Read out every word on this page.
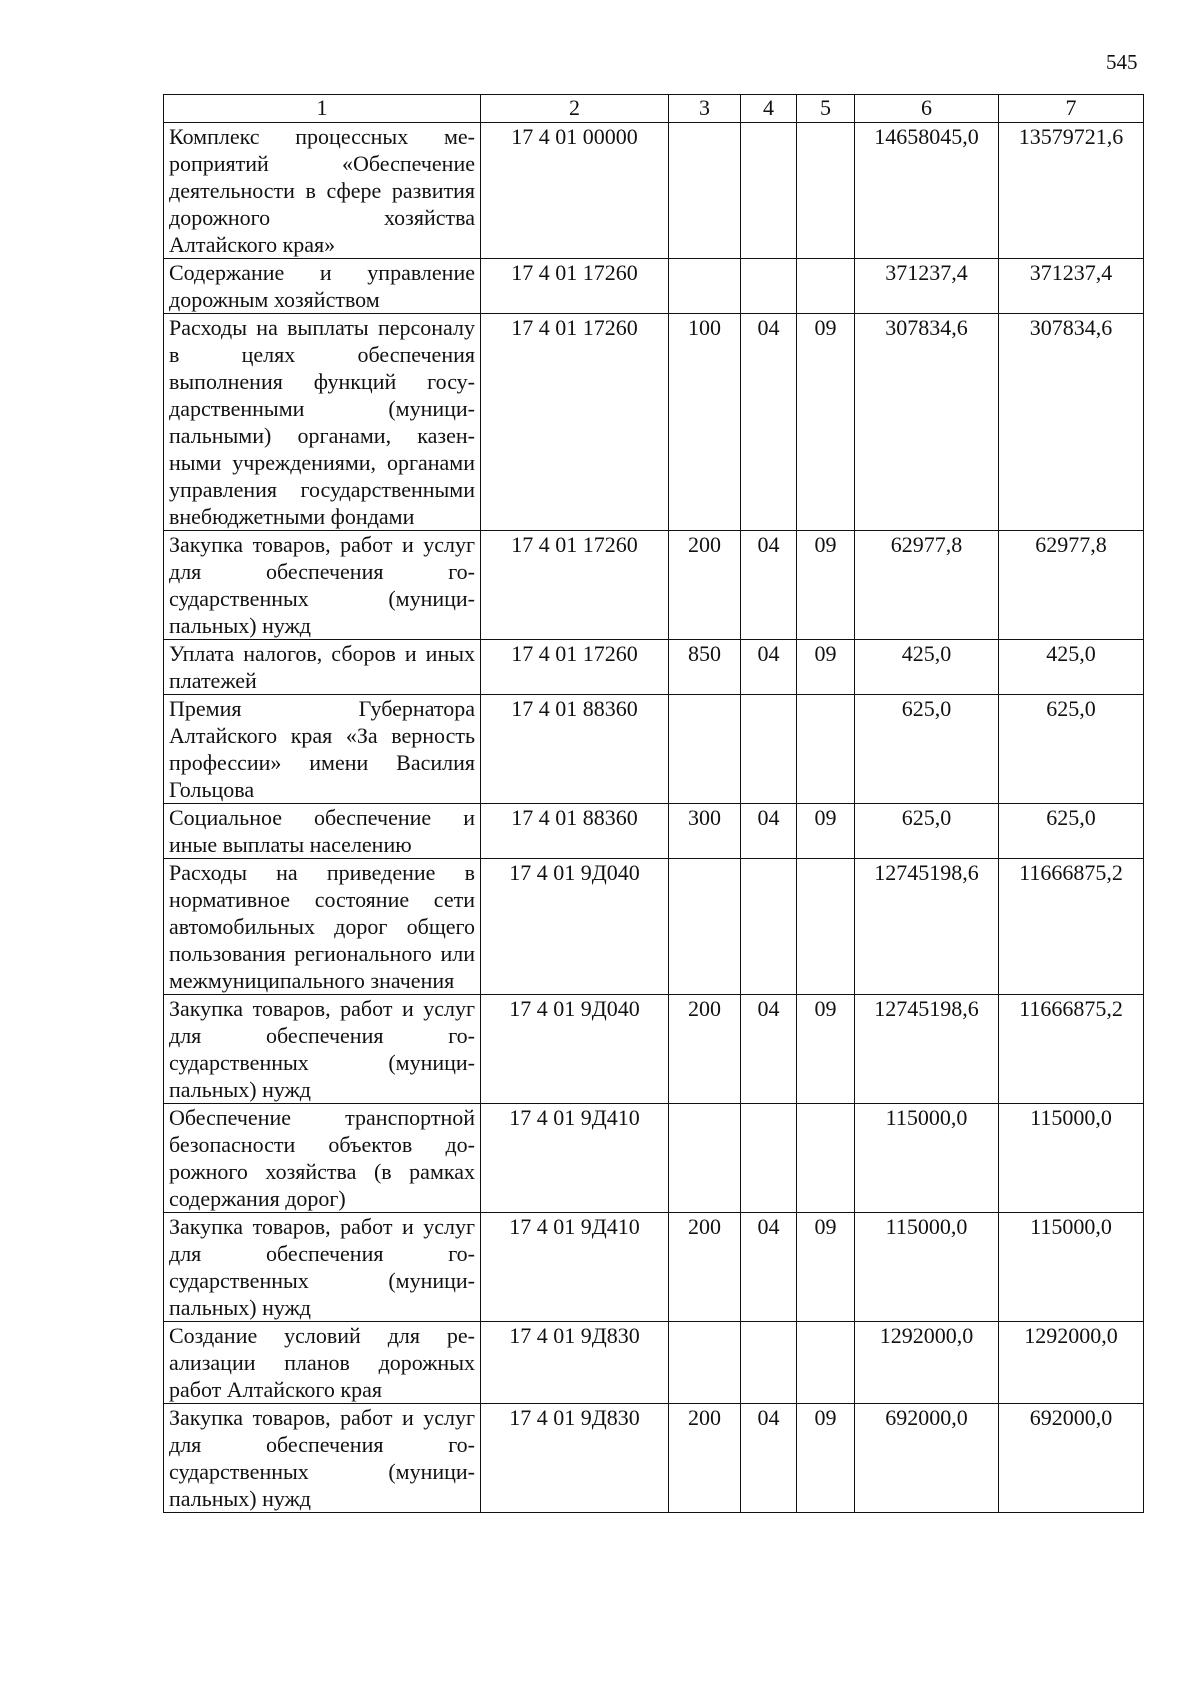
545
1	2	3	4	5	6	7
Комплекс процессных мероприятий «Обеспечение деятельности в сфере развития дорожного хозяйства Алтайского края»	17 4 01 00000				14658045,0	13579721,6
Содержание и управление дорожным хозяйством	17 4 01 17260				371237,4	371237,4
Расходы на выплаты персоналу в целях обеспечения выполнения функций государственными (муниципальными) органами, казенными учреждениями, органами управления государственными внебюджетными фондами	17 4 01 17260	100	04	09	307834,6	307834,6
Закупка товаров, работ и услуг для обеспечения государственных (муниципальных) нужд	17 4 01 17260	200	04	09	62977,8	62977,8
Уплата налогов, сборов и иных платежей	17 4 01 17260	850	04	09	425,0	425,0
Премия Губернатора Алтайского края «За верность профессии» имени Василия Гольцова	17 4 01 88360				625,0	625,0
Социальное обеспечение и иные выплаты населению	17 4 01 88360	300	04	09	625,0	625,0
Расходы на приведение в нормативное состояние сети автомобильных дорог общего пользования регионального или межмуниципального значения	17 4 01 9Д040				12745198,6	11666875,2
Закупка товаров, работ и услуг для обеспечения государственных (муниципальных) нужд	17 4 01 9Д040	200	04	09	12745198,6	11666875,2
Обеспечение транспортной безопасности объектов дорожного хозяйства (в рамках содержания дорог)	17 4 01 9Д410				115000,0	115000,0
Закупка товаров, работ и услуг для обеспечения государственных (муниципальных) нужд	17 4 01 9Д410	200	04	09	115000,0	115000,0
Создание условий для реализации планов дорожных работ Алтайского края	17 4 01 9Д830				1292000,0	1292000,0
Закупка товаров, работ и услуг для обеспечения государственных (муниципальных) нужд	17 4 01 9Д830	200	04	09	692000,0	692000,0
